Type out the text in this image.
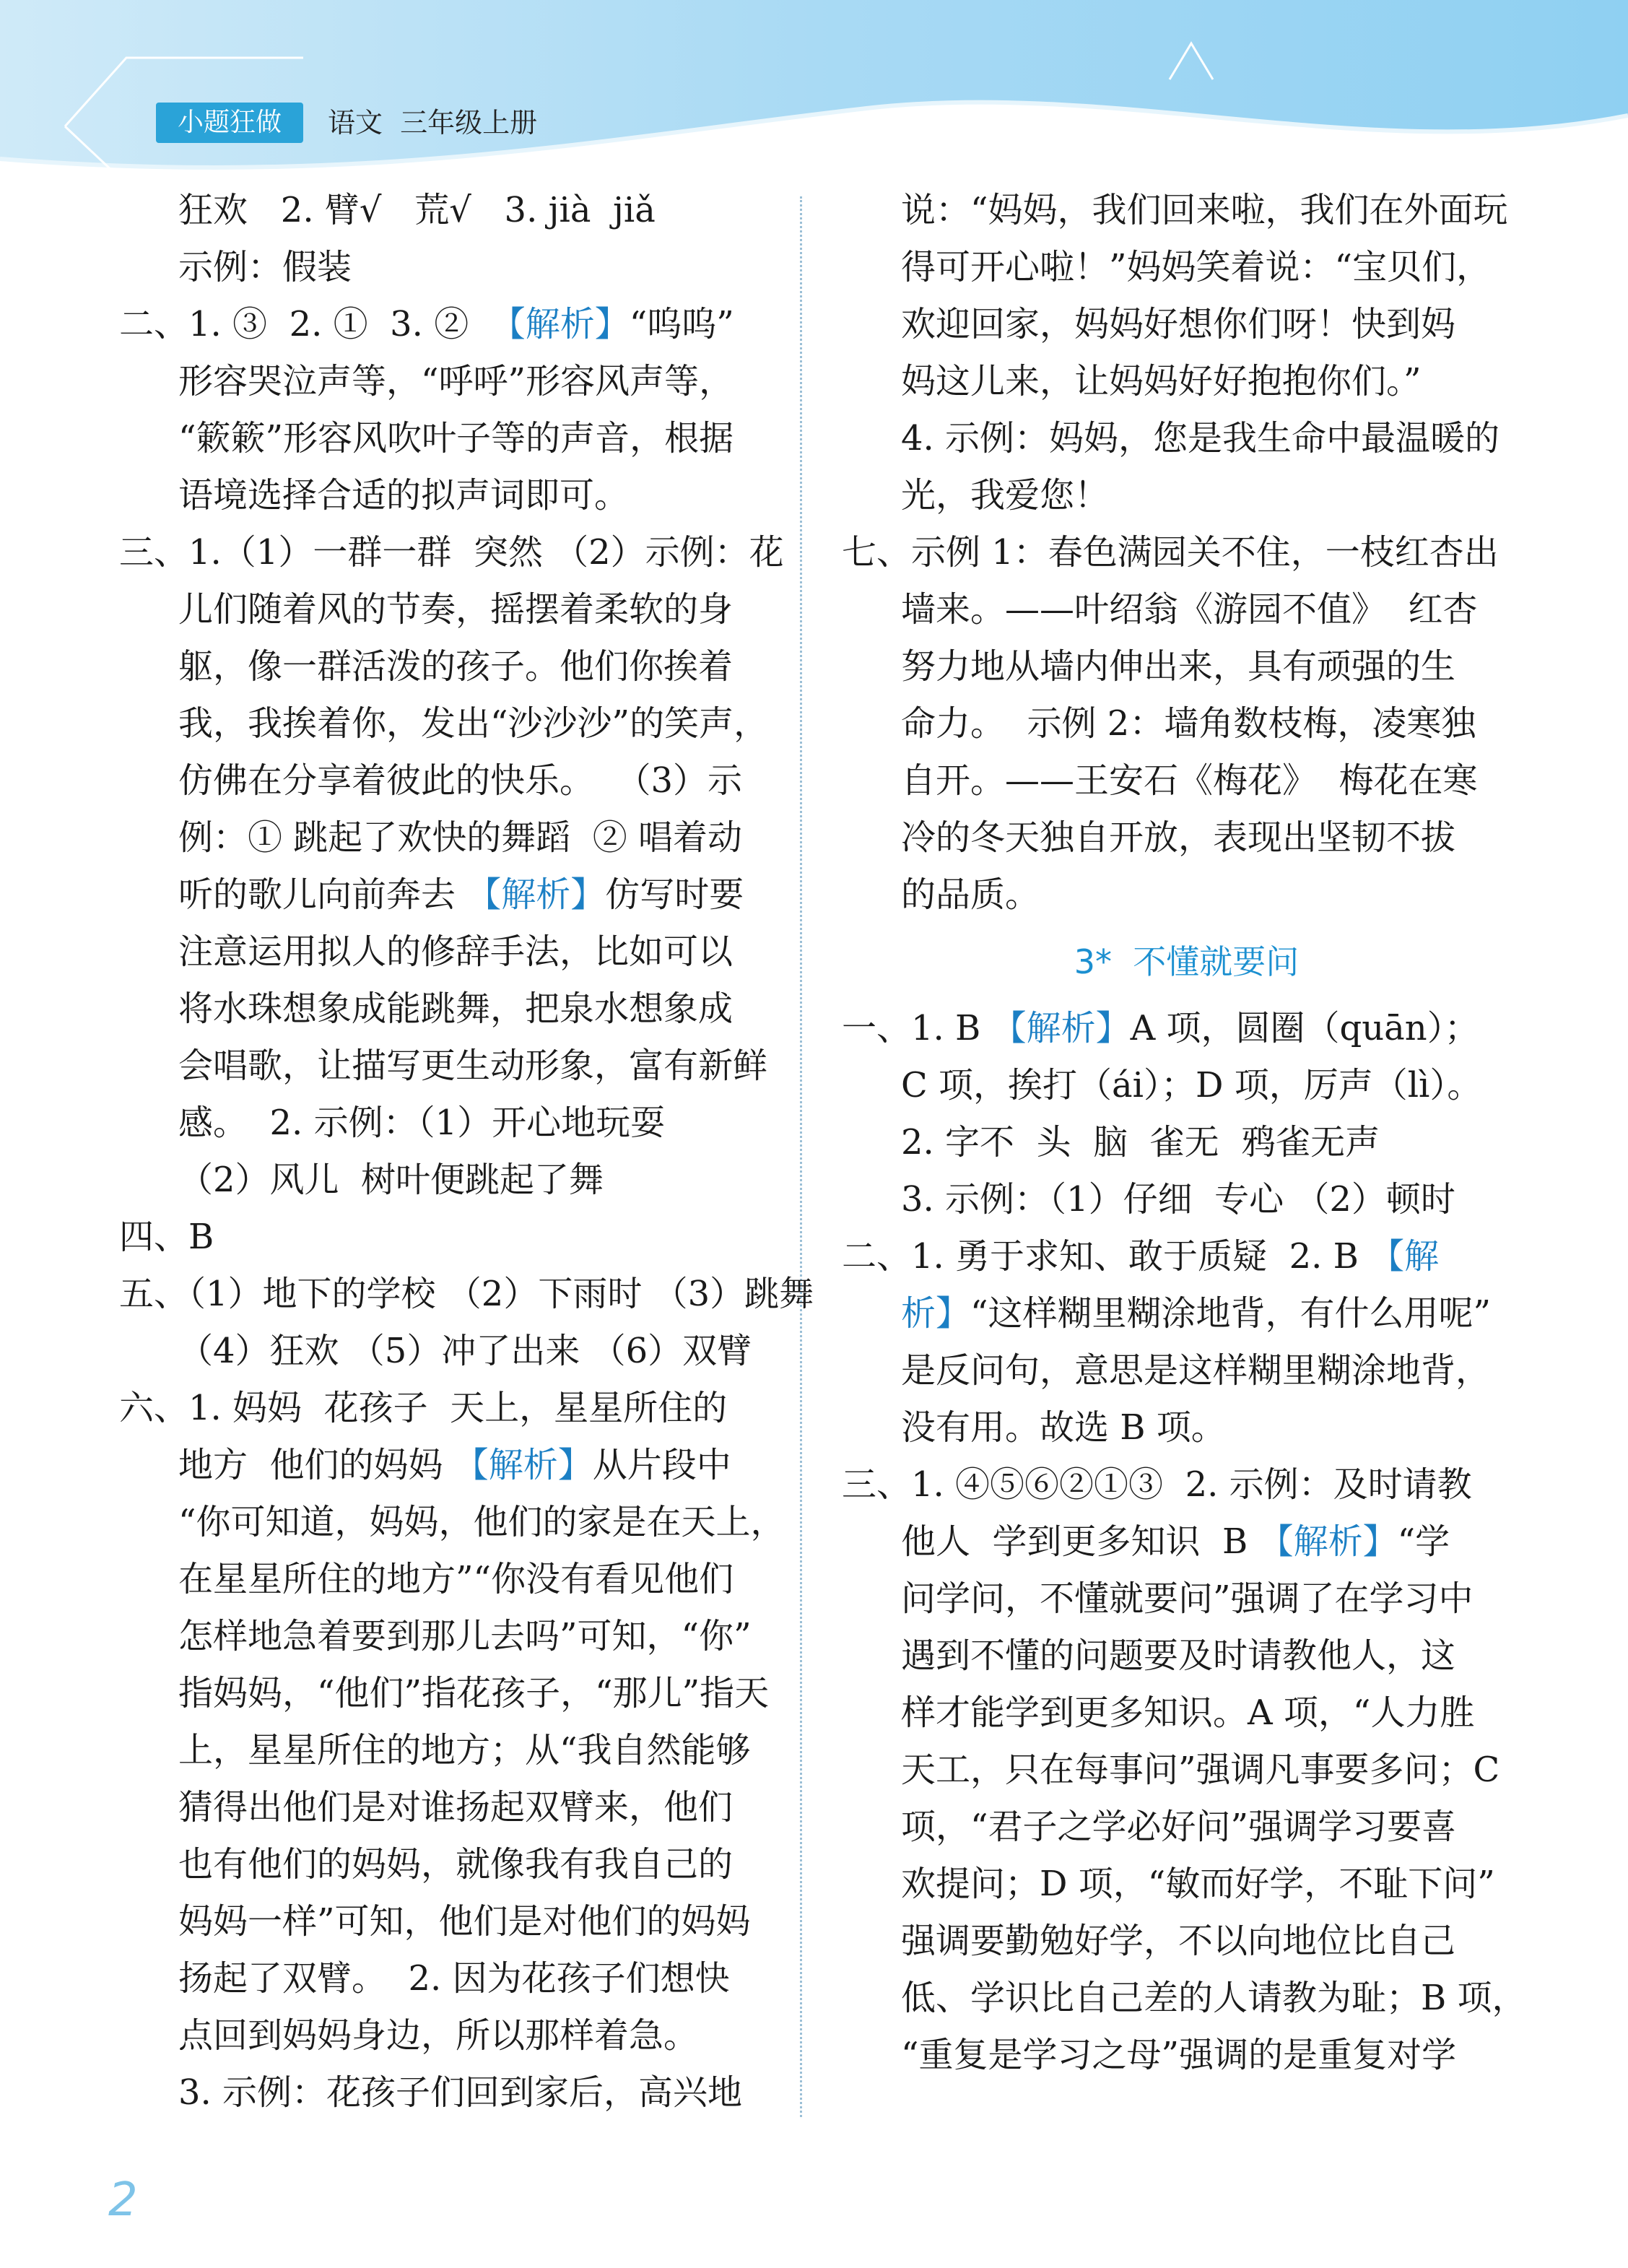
小题狂做	语文  三年级上册
狂欢   2. 臂√   荒√   3. jià  jiǎ
示例：假装
二、1. ③  2. ①  3. ②  【解析】“呜呜”
形容哭泣声等，“呼呼”形容风声等，
“簌簌”形容风吹叶子等的声音，根据
语境选择合适的拟声词即可。
三、1.（1）一群一群  突然 （2）示例：花
儿们随着风的节奏，摇摆着柔软的身
躯，像一群活泼的孩子。他们你挨着
我，我挨着你，发出“沙沙沙”的笑声，
仿佛在分享着彼此的快乐。  （3）示
例：① 跳起了欢快的舞蹈  ② 唱着动
听的歌儿向前奔去 【解析】仿写时要
注意运用拟人的修辞手法，比如可以
将水珠想象成能跳舞，把泉水想象成
会唱歌，让描写更生动形象，富有新鲜
感。  2. 示例：（1）开心地玩耍
（2）风儿  树叶便跳起了舞
四、B
五、（1）地下的学校 （2）下雨时 （3）跳舞
（4）狂欢 （5）冲了出来 （6）双臂
六、1. 妈妈  花孩子  天上，星星所住的
地方  他们的妈妈 【解析】从片段中
“你可知道，妈妈，他们的家是在天上，
在星星所住的地方”“你没有看见他们
怎样地急着要到那儿去吗”可知，“你”
指妈妈，“他们”指花孩子，“那儿”指天
上，星星所住的地方；从“我自然能够
猜得出他们是对谁扬起双臂来，他们
也有他们的妈妈，就像我有我自己的
妈妈一样”可知，他们是对他们的妈妈
扬起了双臂。  2. 因为花孩子们想快
点回到妈妈身边，所以那样着急。
3. 示例：花孩子们回到家后，高兴地
说：“妈妈，我们回来啦，我们在外面玩
得可开心啦！”妈妈笑着说：“宝贝们，
欢迎回家，妈妈好想你们呀！快到妈
妈这儿来，让妈妈好好抱抱你们。”
4. 示例：妈妈，您是我生命中最温暖的
光，我爱您！
七、示例 1：春色满园关不住，一枝红杏出
墙来。——叶绍翁《游园不值》  红杏
努力地从墙内伸出来，具有顽强的生
命力。  示例 2：墙角数枝梅，凌寒独
自开。——王安石《梅花》  梅花在寒
冷的冬天独自开放，表现出坚韧不拔
的品质。
3*  不懂就要问
一、1. B 【解析】A 项，圆圈（quān）；
C 项，挨打（ái）；D 项，厉声（lì）。
2. 字不  头  脑  雀无  鸦雀无声
3. 示例：（1）仔细  专心 （2）顿时
二、1. 勇于求知、敢于质疑  2. B 【解
析】“这样糊里糊涂地背，有什么用呢”
是反问句，意思是这样糊里糊涂地背，
没有用。故选 B 项。
三、1. ④⑤⑥②①③  2. 示例：及时请教
他人  学到更多知识  B 【解析】“学
问学问，不懂就要问”强调了在学习中
遇到不懂的问题要及时请教他人，这
样才能学到更多知识。A 项，“人力胜
天工，只在每事问”强调凡事要多问；C
项，“君子之学必好问”强调学习要喜
欢提问；D 项，“敏而好学，不耻下问”
强调要勤勉好学，不以向地位比自己
低、学识比自己差的人请教为耻；B 项，
“重复是学习之母”强调的是重复对学
2
